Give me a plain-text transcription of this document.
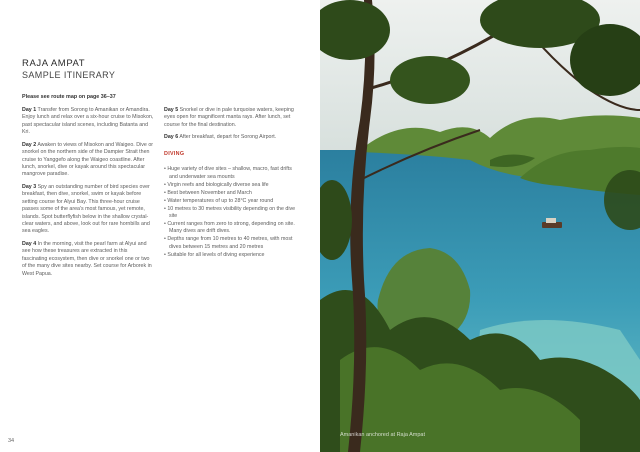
RAJA AMPAT
SAMPLE ITINERARY
Please see route map on page 36–37

Day 1 Transfer from Sorong to Amanikan or Amandira. Enjoy lunch and relax over a six-hour cruise to Misokon, past spectacular island scenes, including Batanta and Kri.

Day 2 Awaken to views of Misokon and Waigeo. Dive or snorkel on the northern side of the Dampier Strait then cruise to Yanggefo along the Waigeo coastline. After lunch, snorkel, dive or kayak around this spectacular mangrove paradise.

Day 3 Spy an outstanding number of bird species over breakfast, then dive, snorkel, swim or kayak before setting course for Alyui Bay. This three-hour cruise passes some of the area's most famous, yet remote, islands. Spot butterflyfish below in the shallow crystal-clear waters, and above, look out for rare hornbills and sea eagles.

Day 4 In the morning, visit the pearl farm at Alyui and see how these treasures are extracted in this fascinating ecosystem, then dive or snorkel one or two of the many dive sites nearby. Set course for Arborek in West Papua.

Day 5 Snorkel or dive in pale turquoise waters, keeping eyes open for magnificent manta rays. After lunch, set course for the final destination.

Day 6 After breakfast, depart for Sorong Airport.

DIVING
• Huge variety of dive sites – shallow, macro, fast drifts and underwater sea mounts
• Virgin reefs and biologically diverse sea life
• Best between November and March
• Water temperatures of up to 28°C year round
• 10 metres to 30 metres visibility depending on the dive site
• Current ranges from zero to strong, depending on site. Many dives are drift dives.
• Depths range from 10 metres to 40 metres, with most dives between 15 metres and 20 metres
• Suitable for all levels of diving experience
34
Amanikan anchored at Raja Ampat
